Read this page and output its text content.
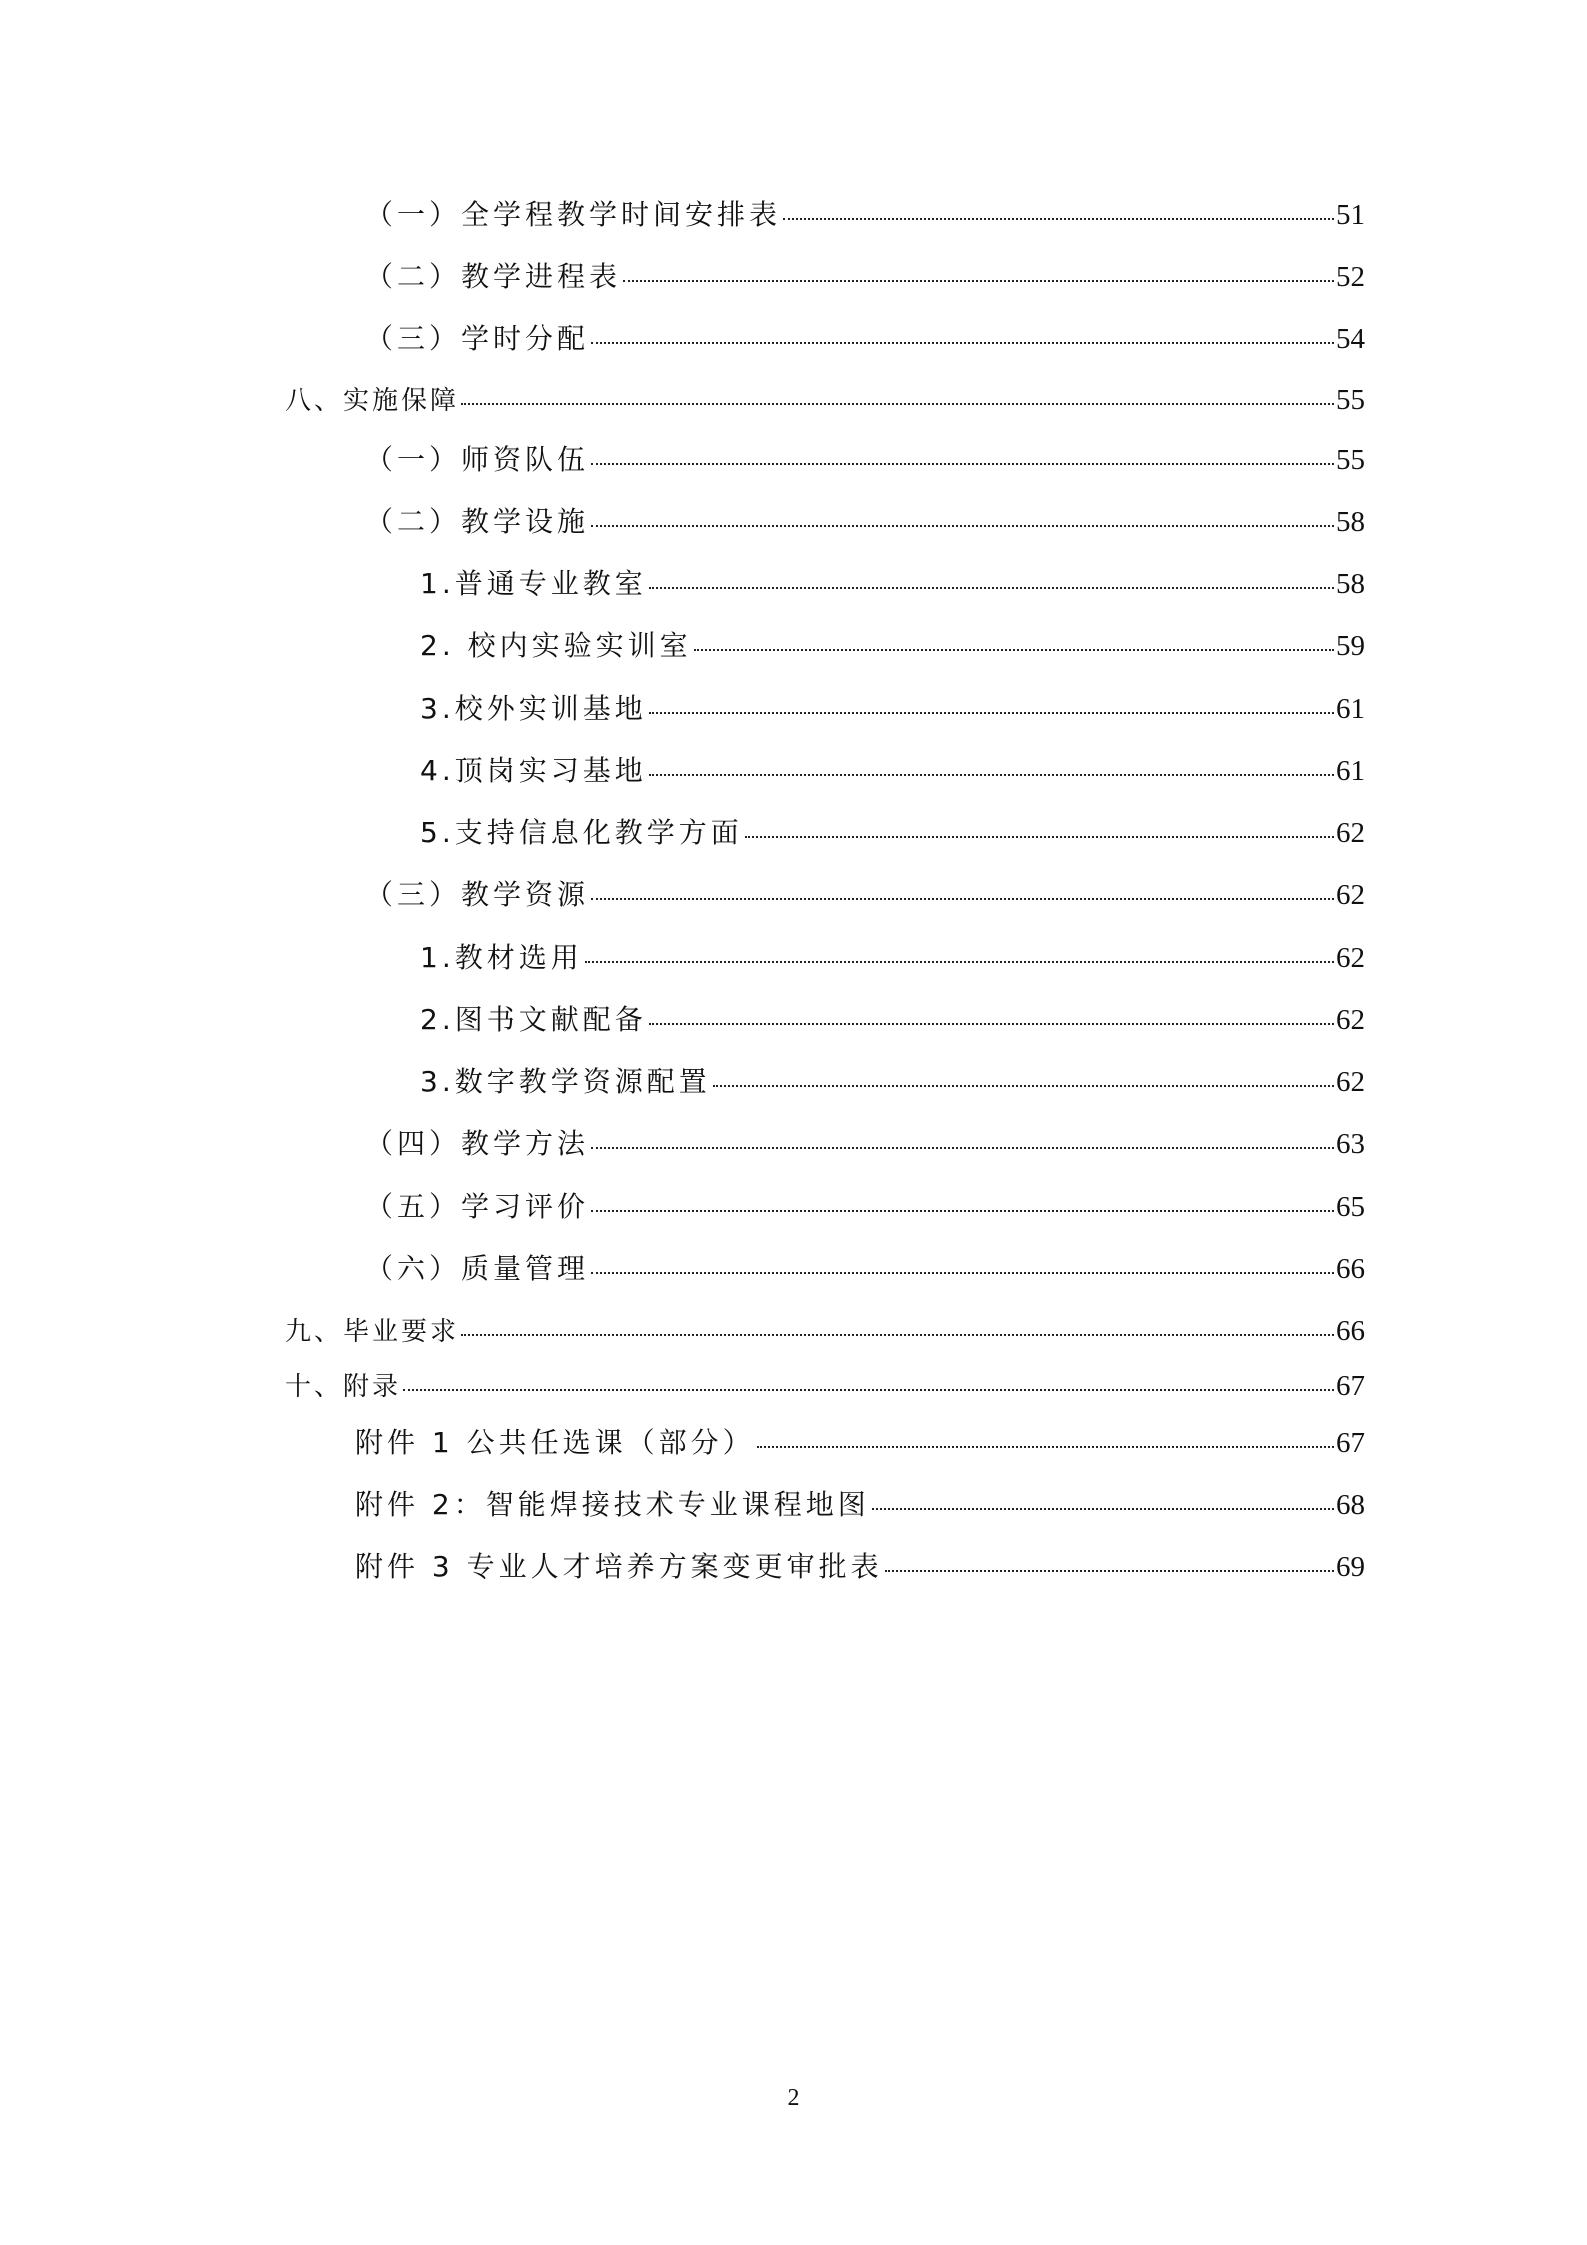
（一）全学程教学时间安排表	51
（二）教学进程表	52
（三）学时分配	54
八、实施保障	55
（一）师资队伍	55
（二）教学设施	58
1.普通专业教室	58
2. 校内实验实训室	59
3.校外实训基地	61
4.顶岗实习基地	61
5.支持信息化教学方面	62
（三）教学资源	62
1.教材选用	62
2.图书文献配备	62
3.数字教学资源配置	62
（四）教学方法	63
（五）学习评价	65
（六）质量管理	66
九、毕业要求	66
十、附录	67
附件 1 公共任选课（部分）	67
附件 2：智能焊接技术专业课程地图	68
附件 3 专业人才培养方案变更审批表	69
2
